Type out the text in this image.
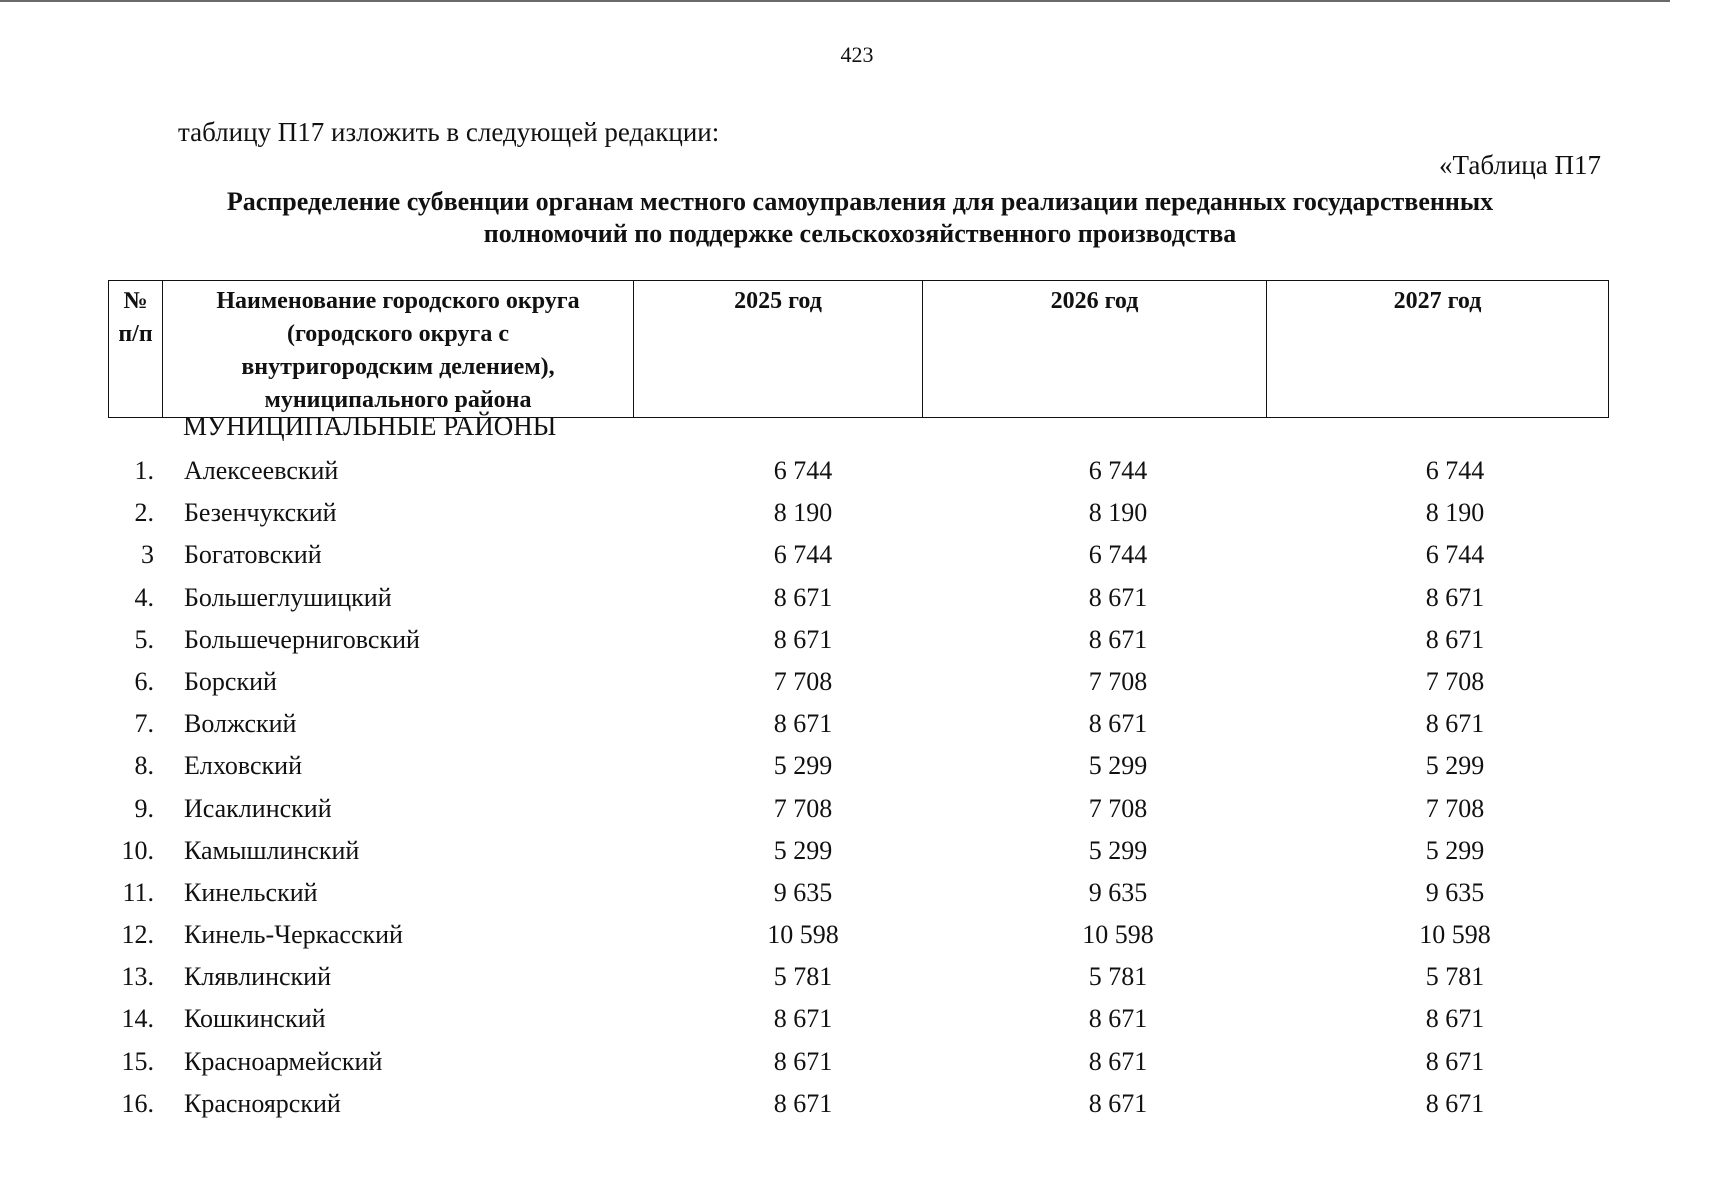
423
таблицу П17 изложить в следующей редакции:
«Таблица П17
Распределение субвенции органам местного самоуправления для реализации переданных государственных
полномочий по поддержке сельскохозяйственного производства
№
п/п

Наименование городского округа
(городского округа с
внутригородским делением),
муниципального района
	2025 год	2026 год	2027 год
МУНИЦИПАЛЬНЫЕ РАЙОНЫ
1. Алексеевский	6 744	6 744	6 744
2. Безенчукский	8 190	8 190	8 190
3 Богатовский	6 744	6 744	6 744
4. Большеглушицкий	8 671	8 671	8 671
5. Большечерниговский	8 671	8 671	8 671
6. Борский	7 708	7 708	7 708
7. Волжский	8 671	8 671	8 671
8. Елховский	5 299	5 299	5 299
9. Исаклинский	7 708	7 708	7 708
10. Камышлинский	5 299	5 299	5 299
11. Кинельский	9 635	9 635	9 635
12. Кинель-Черкасский	10 598	10 598	10 598
13. Клявлинский	5 781	5 781	5 781
14. Кошкинский	8 671	8 671	8 671
15. Красноармейский	8 671	8 671	8 671
16. Красноярский	8 671	8 671	8 671
